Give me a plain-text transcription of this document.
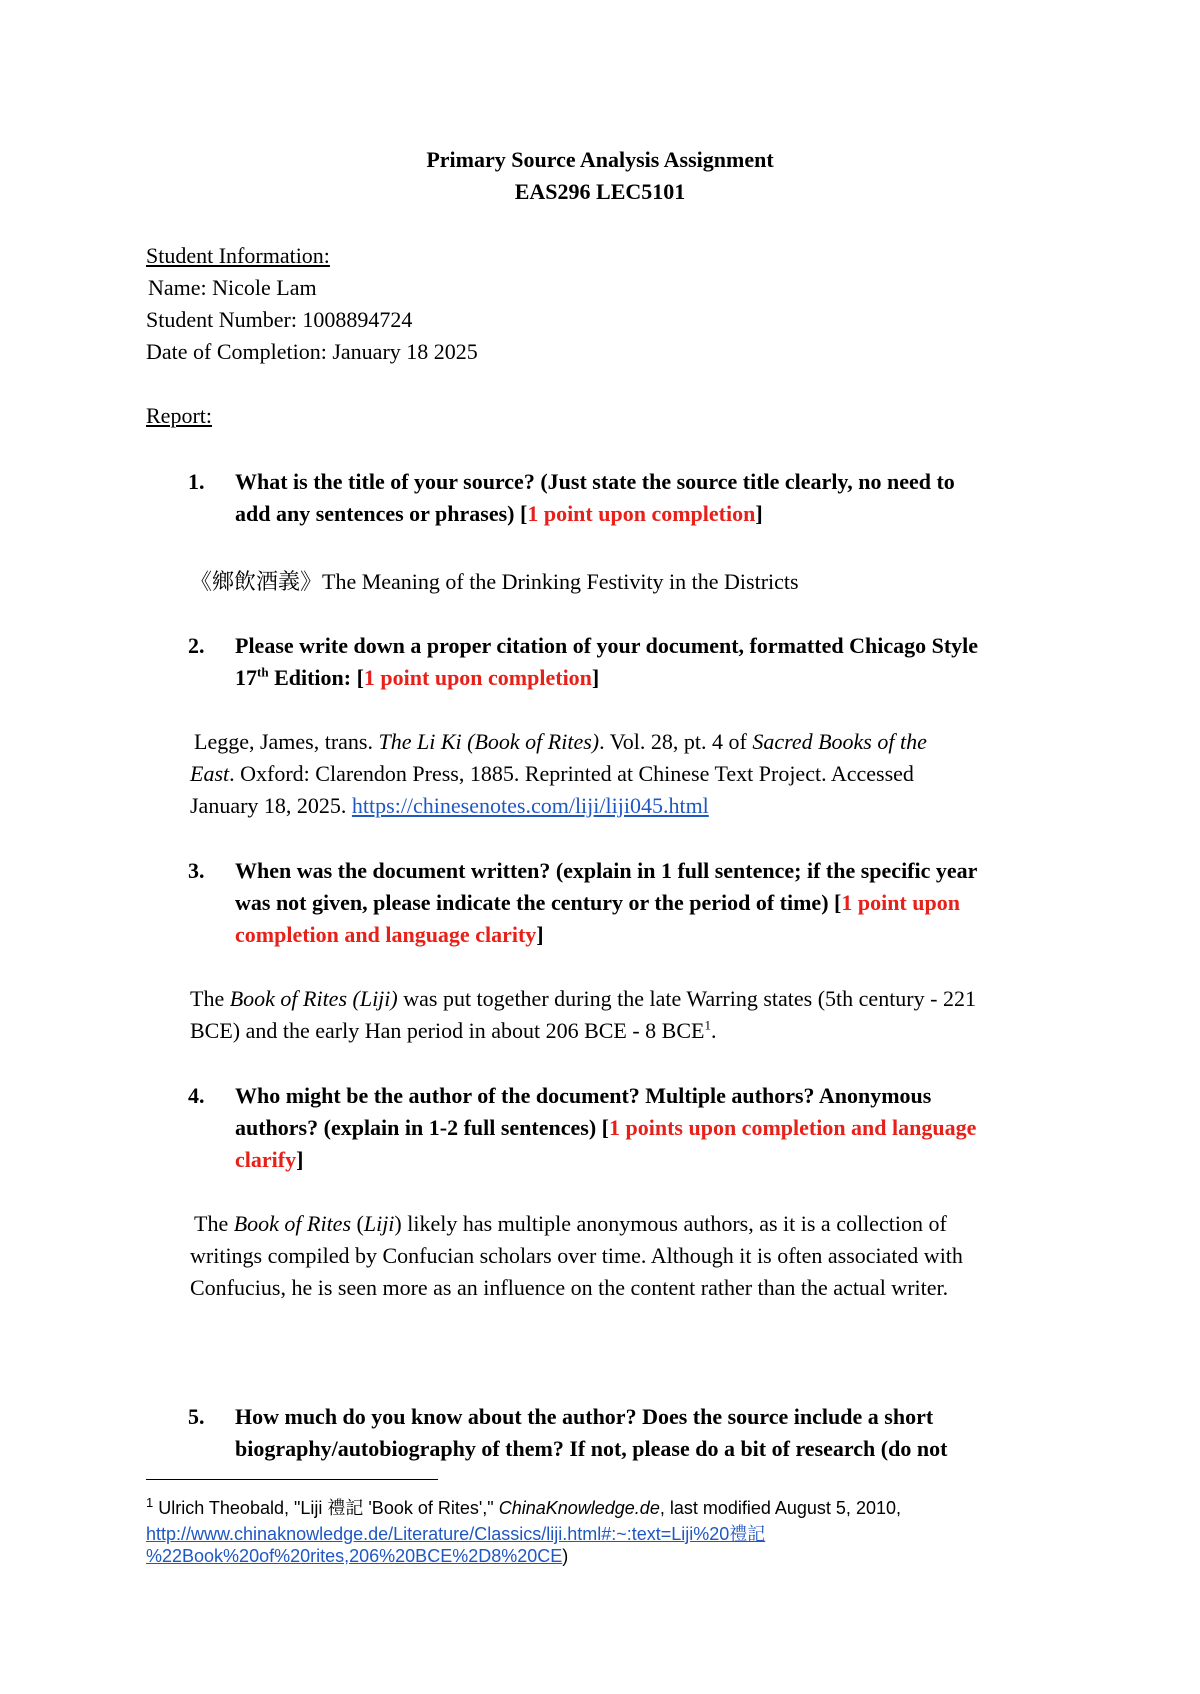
Primary Source Analysis Assignment
EAS296 LEC5101
Student Information:
Name: Nicole Lam
Student Number: 1008894724
Date of Completion: January 18 2025
Report:
1. What is the title of your source? (Just state the source title clearly, no need to
add any sentences or phrases) [1 point upon completion]
《鄉飲酒義》The Meaning of the Drinking Festivity in the Districts
2. Please write down a proper citation of your document, formatted Chicago Style
17th Edition: [1 point upon completion]
Legge, James, trans. The Li Ki (Book of Rites). Vol. 28, pt. 4 of Sacred Books of the
East. Oxford: Clarendon Press, 1885. Reprinted at Chinese Text Project. Accessed
January 18, 2025. https://chinesenotes.com/liji/liji045.html
3. When was the document written? (explain in 1 full sentence; if the specific year
was not given, please indicate the century or the period of time) [1 point upon
completion and language clarity]
The Book of Rites (Liji) was put together during the late Warring states (5th century - 221
BCE) and the early Han period in about 206 BCE - 8 BCE$^1$.
4. Who might be the author of the document? Multiple authors? Anonymous
authors? (explain in 1-2 full sentences) [1 points upon completion and language
clarify]
The Book of Rites (Liji) likely has multiple anonymous authors, as it is a collection of
writings compiled by Confucian scholars over time. Although it is often associated with
Confucius, he is seen more as an influence on the content rather than the actual writer.
5. How much do you know about the author? Does the source include a short
biography/autobiography of them? If not, please do a bit of research (do not
$^1$ Ulrich Theobald, "Liji 禮記 'Book of Rites'," ChinaKnowledge.de, last modified August 5, 2010,
http://www.chinaknowledge.de/Literature/Classics/liji.html#:~:text=Liji%20禮記
%22Book%20of%20rites,206%20BCE%2D8%20CE)
